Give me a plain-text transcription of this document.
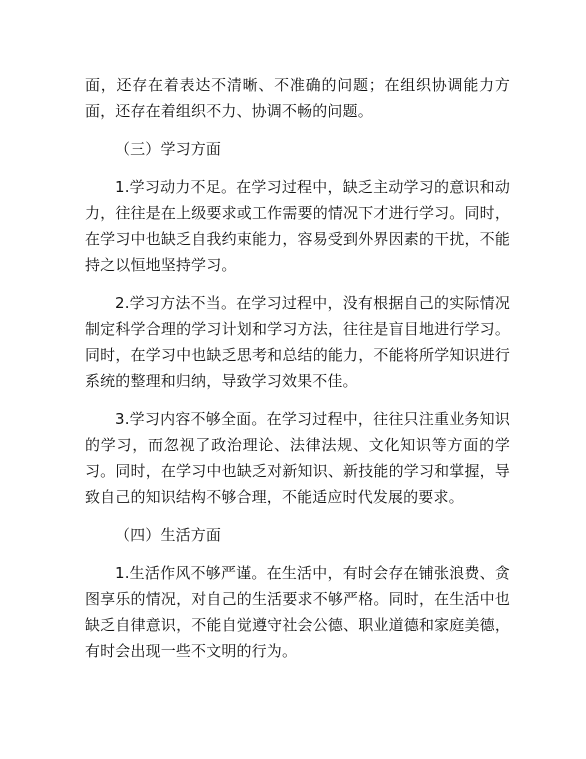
面，还存在着表达不清晰、不准确的问题；在组织协调能力方面，还存在着组织不力、协调不畅的问题。

（三）学习方面

1.学习动力不足。在学习过程中，缺乏主动学习的意识和动力，往往是在上级要求或工作需要的情况下才进行学习。同时，在学习中也缺乏自我约束能力，容易受到外界因素的干扰，不能持之以恒地坚持学习。

2.学习方法不当。在学习过程中，没有根据自己的实际情况制定科学合理的学习计划和学习方法，往往是盲目地进行学习。同时，在学习中也缺乏思考和总结的能力，不能将所学知识进行系统的整理和归纳，导致学习效果不佳。

3.学习内容不够全面。在学习过程中，往往只注重业务知识的学习，而忽视了政治理论、法律法规、文化知识等方面的学习。同时，在学习中也缺乏对新知识、新技能的学习和掌握，导致自己的知识结构不够合理，不能适应时代发展的要求。

（四）生活方面

1.生活作风不够严谨。在生活中，有时会存在铺张浪费、贪图享乐的情况，对自己的生活要求不够严格。同时，在生活中也缺乏自律意识，不能自觉遵守社会公德、职业道德和家庭美德，有时会出现一些不文明的行为。
